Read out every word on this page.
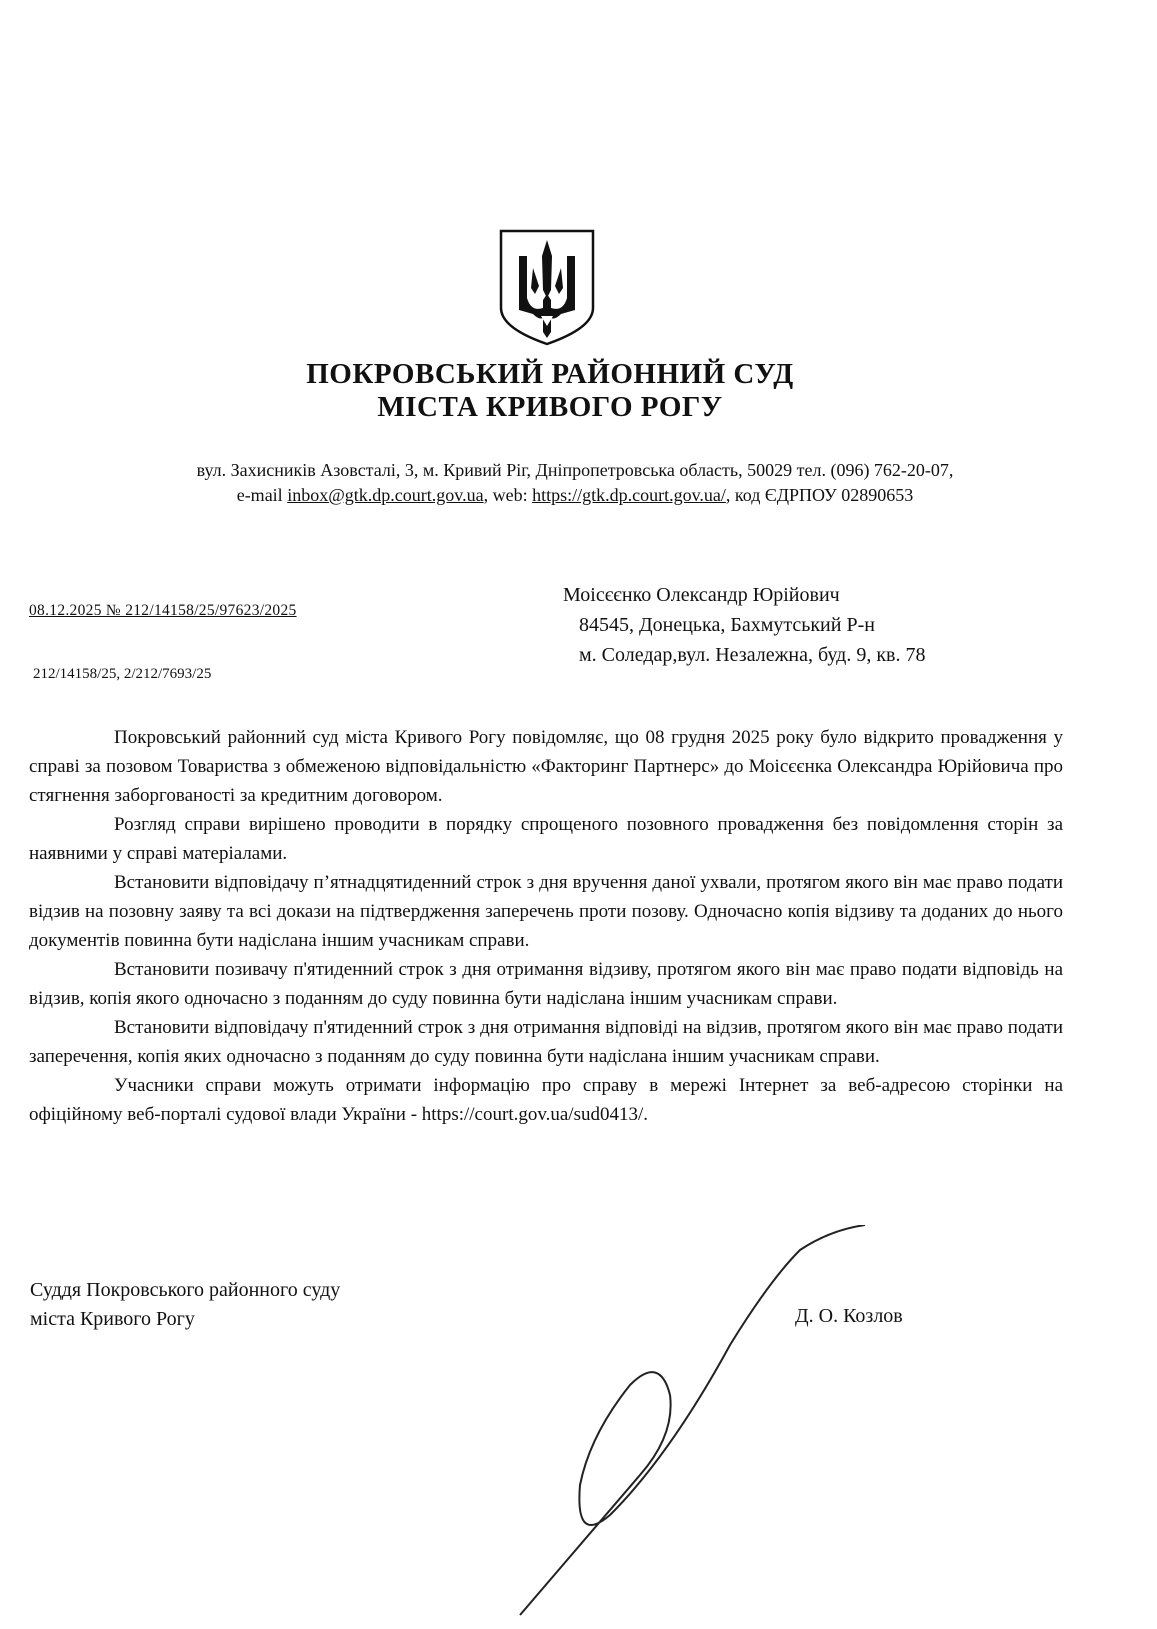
ПОКРОВСЬКИЙ РАЙОННИЙ СУД
МІСТА КРИВОГО РОГУ
вул. Захисників Азовсталі, 3, м. Кривий Ріг, Дніпропетровська область, 50029 тел. (096) 762-20-07,
e-mail inbox@gtk.dp.court.gov.ua, web: https://gtk.dp.court.gov.ua/, код ЄДРПОУ 02890653
08.12.2025 № 212/14158/25/97623/2025
212/14158/25, 2/212/7693/25
Моісєєнко Олександр Юрійович
84545, Донецька, Бахмутський Р-н
м. Соледар,вул. Незалежна, буд. 9, кв. 78

Покровський районний суд міста Кривого Рогу повідомляє, що 08 грудня 2025 року було відкрито провадження у справі за позовом Товариства з обмеженою відповідальністю «Факторинг Партнерс» до Моісєєнка Олександра Юрійовича про стягнення заборгованості за кредитним договором.

Розгляд справи вирішено проводити в порядку спрощеного позовного провадження без повідомлення сторін за наявними у справі матеріалами.

Встановити відповідачу п’ятнадцятиденний строк з дня вручення даної ухвали, протягом якого він має право подати відзив на позовну заяву та всі докази на підтвердження заперечень проти позову. Одночасно копія відзиву та доданих до нього документів повинна бути надіслана іншим учасникам справи.

Встановити позивачу п'ятиденний строк з дня отримання відзиву, протягом якого він має право подати відповідь на відзив, копія якого одночасно з поданням до суду повинна бути надіслана іншим учасникам справи.

Встановити відповідачу п'ятиденний строк з дня отримання відповіді на відзив, протягом якого він має право подати заперечення, копія яких одночасно з поданням до суду повинна бути надіслана іншим учасникам справи.

Учасники справи можуть отримати інформацію про справу в мережі Інтернет за веб-адресою сторінки на офіційному веб-порталі судової влади України - https://court.gov.ua/sud0413/.

Суддя Покровського районного суду
міста Кривого Рогу	Д. О. Козлов
